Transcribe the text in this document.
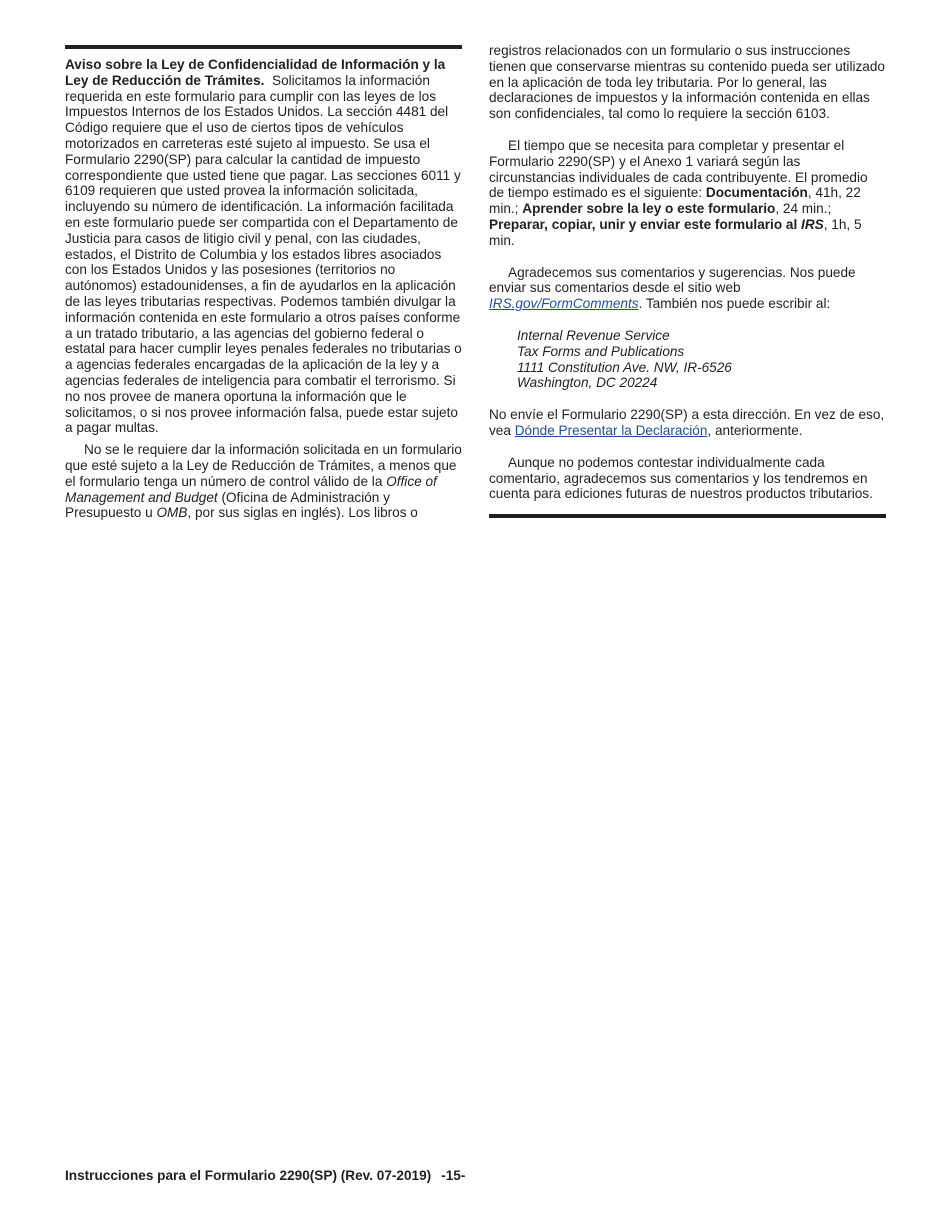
Aviso sobre la Ley de Confidencialidad de Información y la Ley de Reducción de Trámites. Solicitamos la información requerida en este formulario para cumplir con las leyes de los Impuestos Internos de los Estados Unidos. La sección 4481 del Código requiere que el uso de ciertos tipos de vehículos motorizados en carreteras esté sujeto al impuesto. Se usa el Formulario 2290(SP) para calcular la cantidad de impuesto correspondiente que usted tiene que pagar. Las secciones 6011 y 6109 requieren que usted provea la información solicitada, incluyendo su número de identificación. La información facilitada en este formulario puede ser compartida con el Departamento de Justicia para casos de litigio civil y penal, con las ciudades, estados, el Distrito de Columbia y los estados libres asociados con los Estados Unidos y las posesiones (territorios no autónomos) estadounidenses, a fin de ayudarlos en la aplicación de las leyes tributarias respectivas. Podemos también divulgar la información contenida en este formulario a otros países conforme a un tratado tributario, a las agencias del gobierno federal o estatal para hacer cumplir leyes penales federales no tributarias o a agencias federales encargadas de la aplicación de la ley y a agencias federales de inteligencia para combatir el terrorismo. Si no nos provee de manera oportuna la información que le solicitamos, o si nos provee información falsa, puede estar sujeto a pagar multas.

No se le requiere dar la información solicitada en un formulario que esté sujeto a la Ley de Reducción de Trámites, a menos que el formulario tenga un número de control válido de la Office of Management and Budget (Oficina de Administración y Presupuesto u OMB, por sus siglas en inglés). Los libros o

registros relacionados con un formulario o sus instrucciones tienen que conservarse mientras su contenido pueda ser utilizado en la aplicación de toda ley tributaria. Por lo general, las declaraciones de impuestos y la información contenida en ellas son confidenciales, tal como lo requiere la sección 6103.

El tiempo que se necesita para completar y presentar el Formulario 2290(SP) y el Anexo 1 variará según las circunstancias individuales de cada contribuyente. El promedio de tiempo estimado es el siguiente: Documentación, 41h, 22 min.; Aprender sobre la ley o este formulario, 24 min.; Preparar, copiar, unir y enviar este formulario al IRS, 1h, 5 min.

Agradecemos sus comentarios y sugerencias. Nos puede enviar sus comentarios desde el sitio web IRS.gov/FormComments. También nos puede escribir al:

Internal Revenue Service
Tax Forms and Publications
1111 Constitution Ave. NW, IR-6526
Washington, DC 20224

No envíe el Formulario 2290(SP) a esta dirección. En vez de eso, vea Dónde Presentar la Declaración, anteriormente.

Aunque no podemos contestar individualmente cada comentario, agradecemos sus comentarios y los tendremos en cuenta para ediciones futuras de nuestros productos tributarios.

Instrucciones para el Formulario 2290(SP) (Rev. 07-2019) -15-
